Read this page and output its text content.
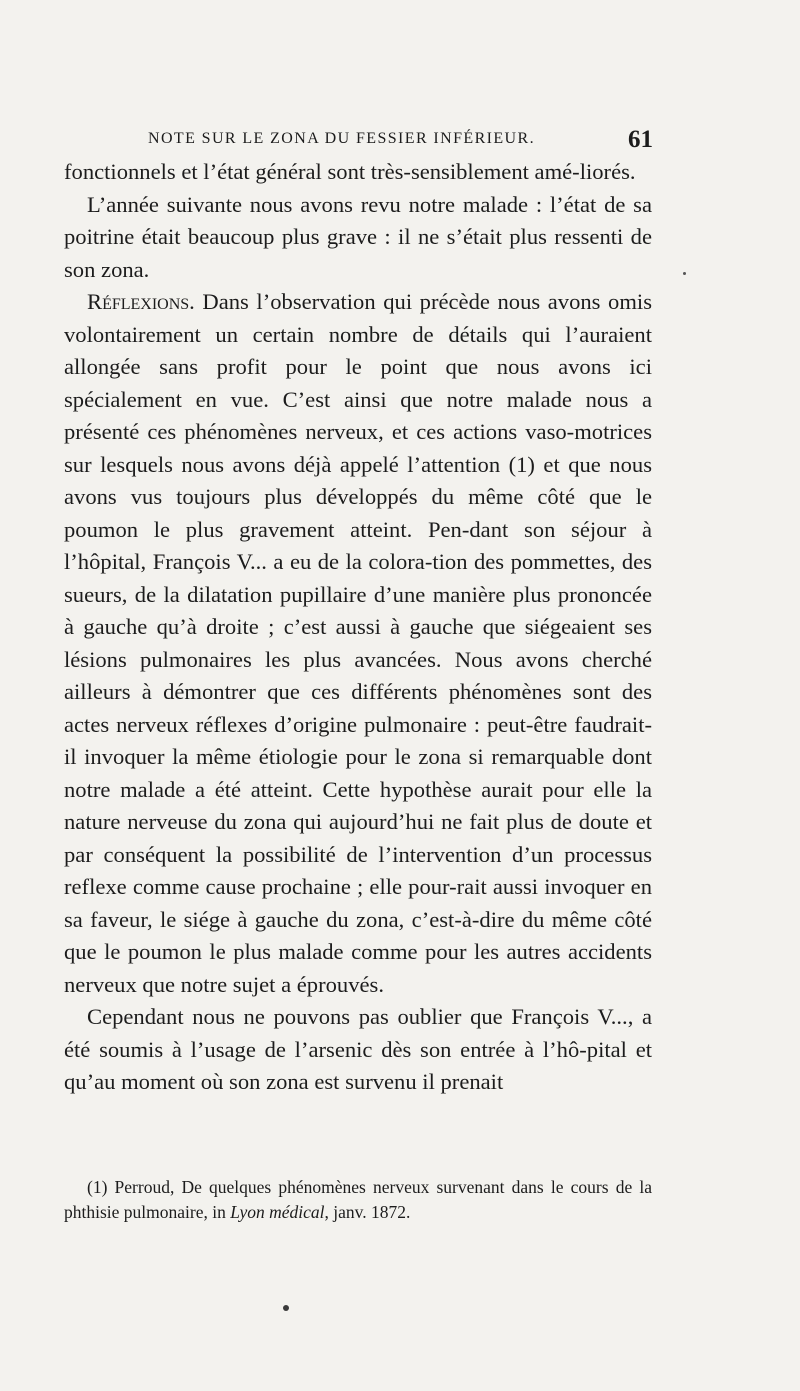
NOTE SUR LE ZONA DU FESSIER INFÉRIEUR.	61

fonctionnels et l’état général sont très-sensiblement amé-liorés.

L’année suivante nous avons revu notre malade : l’état de sa poitrine était beaucoup plus grave : il ne s’était plus ressenti de son zona.

Réflexions. Dans l’observation qui précède nous avons omis volontairement un certain nombre de détails qui l’auraient allongée sans profit pour le point que nous avons ici spécialement en vue. C’est ainsi que notre malade nous a présenté ces phénomènes nerveux, et ces actions vaso-motrices sur lesquels nous avons déjà appelé l’attention (1) et que nous avons vus toujours plus développés du même côté que le poumon le plus gravement atteint. Pen-dant son séjour à l’hôpital, François V... a eu de la colora-tion des pommettes, des sueurs, de la dilatation pupillaire d’une manière plus prononcée à gauche qu’à droite ; c’est aussi à gauche que siégeaient ses lésions pulmonaires les plus avancées. Nous avons cherché ailleurs à démontrer que ces différents phénomènes sont des actes nerveux réflexes d’origine pulmonaire : peut-être faudrait-il invoquer la même étiologie pour le zona si remarquable dont notre malade a été atteint. Cette hypothèse aurait pour elle la nature nerveuse du zona qui aujourd’hui ne fait plus de doute et par conséquent la possibilité de l’intervention d’un processus reflexe comme cause prochaine ; elle pour-rait aussi invoquer en sa faveur, le siége à gauche du zona, c’est-à-dire du même côté que le poumon le plus malade comme pour les autres accidents nerveux que notre sujet a éprouvés.

Cependant nous ne pouvons pas oublier que François V..., a été soumis à l’usage de l’arsenic dès son entrée à l’hô-pital et qu’au moment où son zona est survenu il prenait

(1) Perroud, De quelques phénomènes nerveux survenant dans le cours de la phthisie pulmonaire, in Lyon médical, janv. 1872.
